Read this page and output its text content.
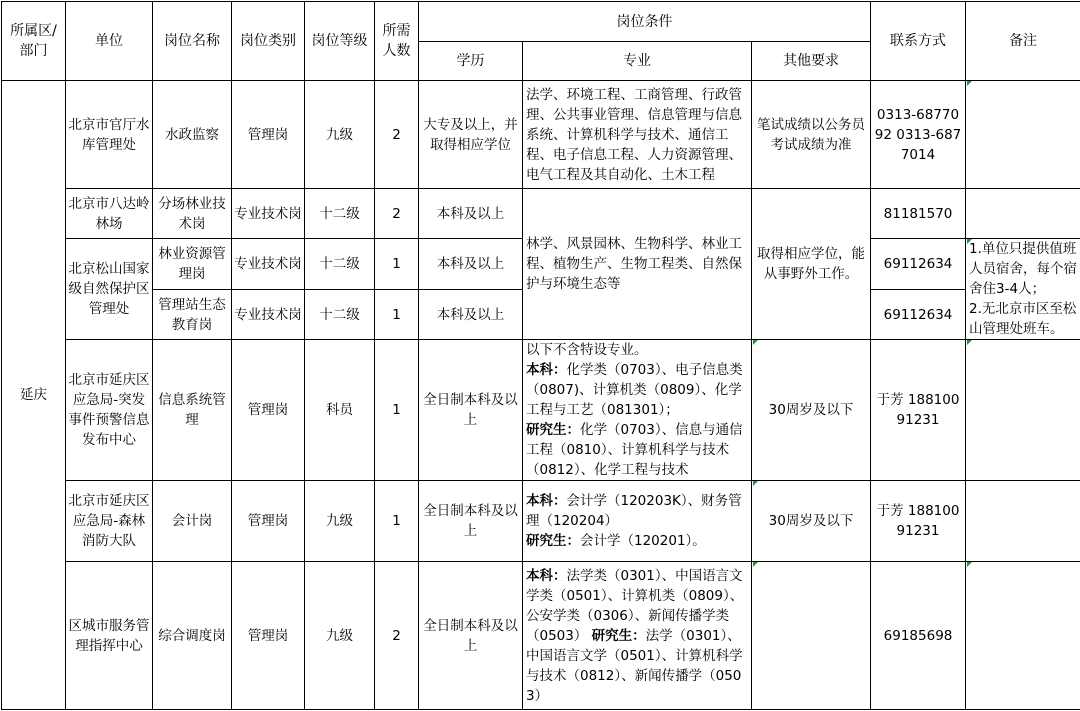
所属区/部门	单位	岗位名称	岗位类别	岗位等级	所需人数	岗位条件			联系方式	备注
						学历	专业	其他要求		
延庆	北京市官厅水库管理处	水政监察	管理岗	九级	2	大专及以上，并取得相应学位	法学、环境工程、工商管理、行政管理、公共事业管理、信息管理与信息系统、计算机科学与技术、通信工程、电子信息工程、人力资源管理、电气工程及其自动化、土木工程	笔试成绩以公务员考试成绩为准	0313-6877092 0313-6877014	
	北京市八达岭林场	分场林业技术岗	专业技术岗	十二级	2	本科及以上	林学、风景园林、生物科学、林业工程、植物生产、生物工程类、自然保护与环境生态等	取得相应学位，能从事野外工作。	81181570	
	北京松山国家级自然保护区管理处	林业资源管理岗	专业技术岗	十二级	1	本科及以上			69112634	1.单位只提供值班人员宿舍，每个宿舍住3-4人；
2.无北京市区至松山管理处班车。
		管理站生态教育岗	专业技术岗	十二级	1	本科及以上			69112634	
	北京市延庆区应急局-突发事件预警信息发布中心	信息系统管理	管理岗	科员	1	全日制本科及以上	以下不含特设专业。
本科：化学类（0703）、电子信息类（0807)、计算机类（0809）、化学工程与工艺（081301）；
研究生：化学（0703）、信息与通信工程（0810）、计算机科学与技术（0812）、化学工程与技术	30周岁及以下	于芳 18810091231	
	北京市延庆区应急局-森林消防大队	会计岗	管理岗	九级	1	全日制本科及以上	本科：会计学（120203K）、财务管理（120204）
研究生：会计学（120201）。	30周岁及以下	于芳 18810091231	
	区城市服务管理指挥中心	综合调度岗	管理岗	九级	2	全日制本科及以上	本科：法学类（0301）、中国语言文学类（0501）、计算机类（0809）、公安学类（0306）、新闻传播学类（0503） 研究生：法学（0301）、中国语言文学（0501）、计算机科学与技术（0812）、新闻传播学（0503）		69185698	
